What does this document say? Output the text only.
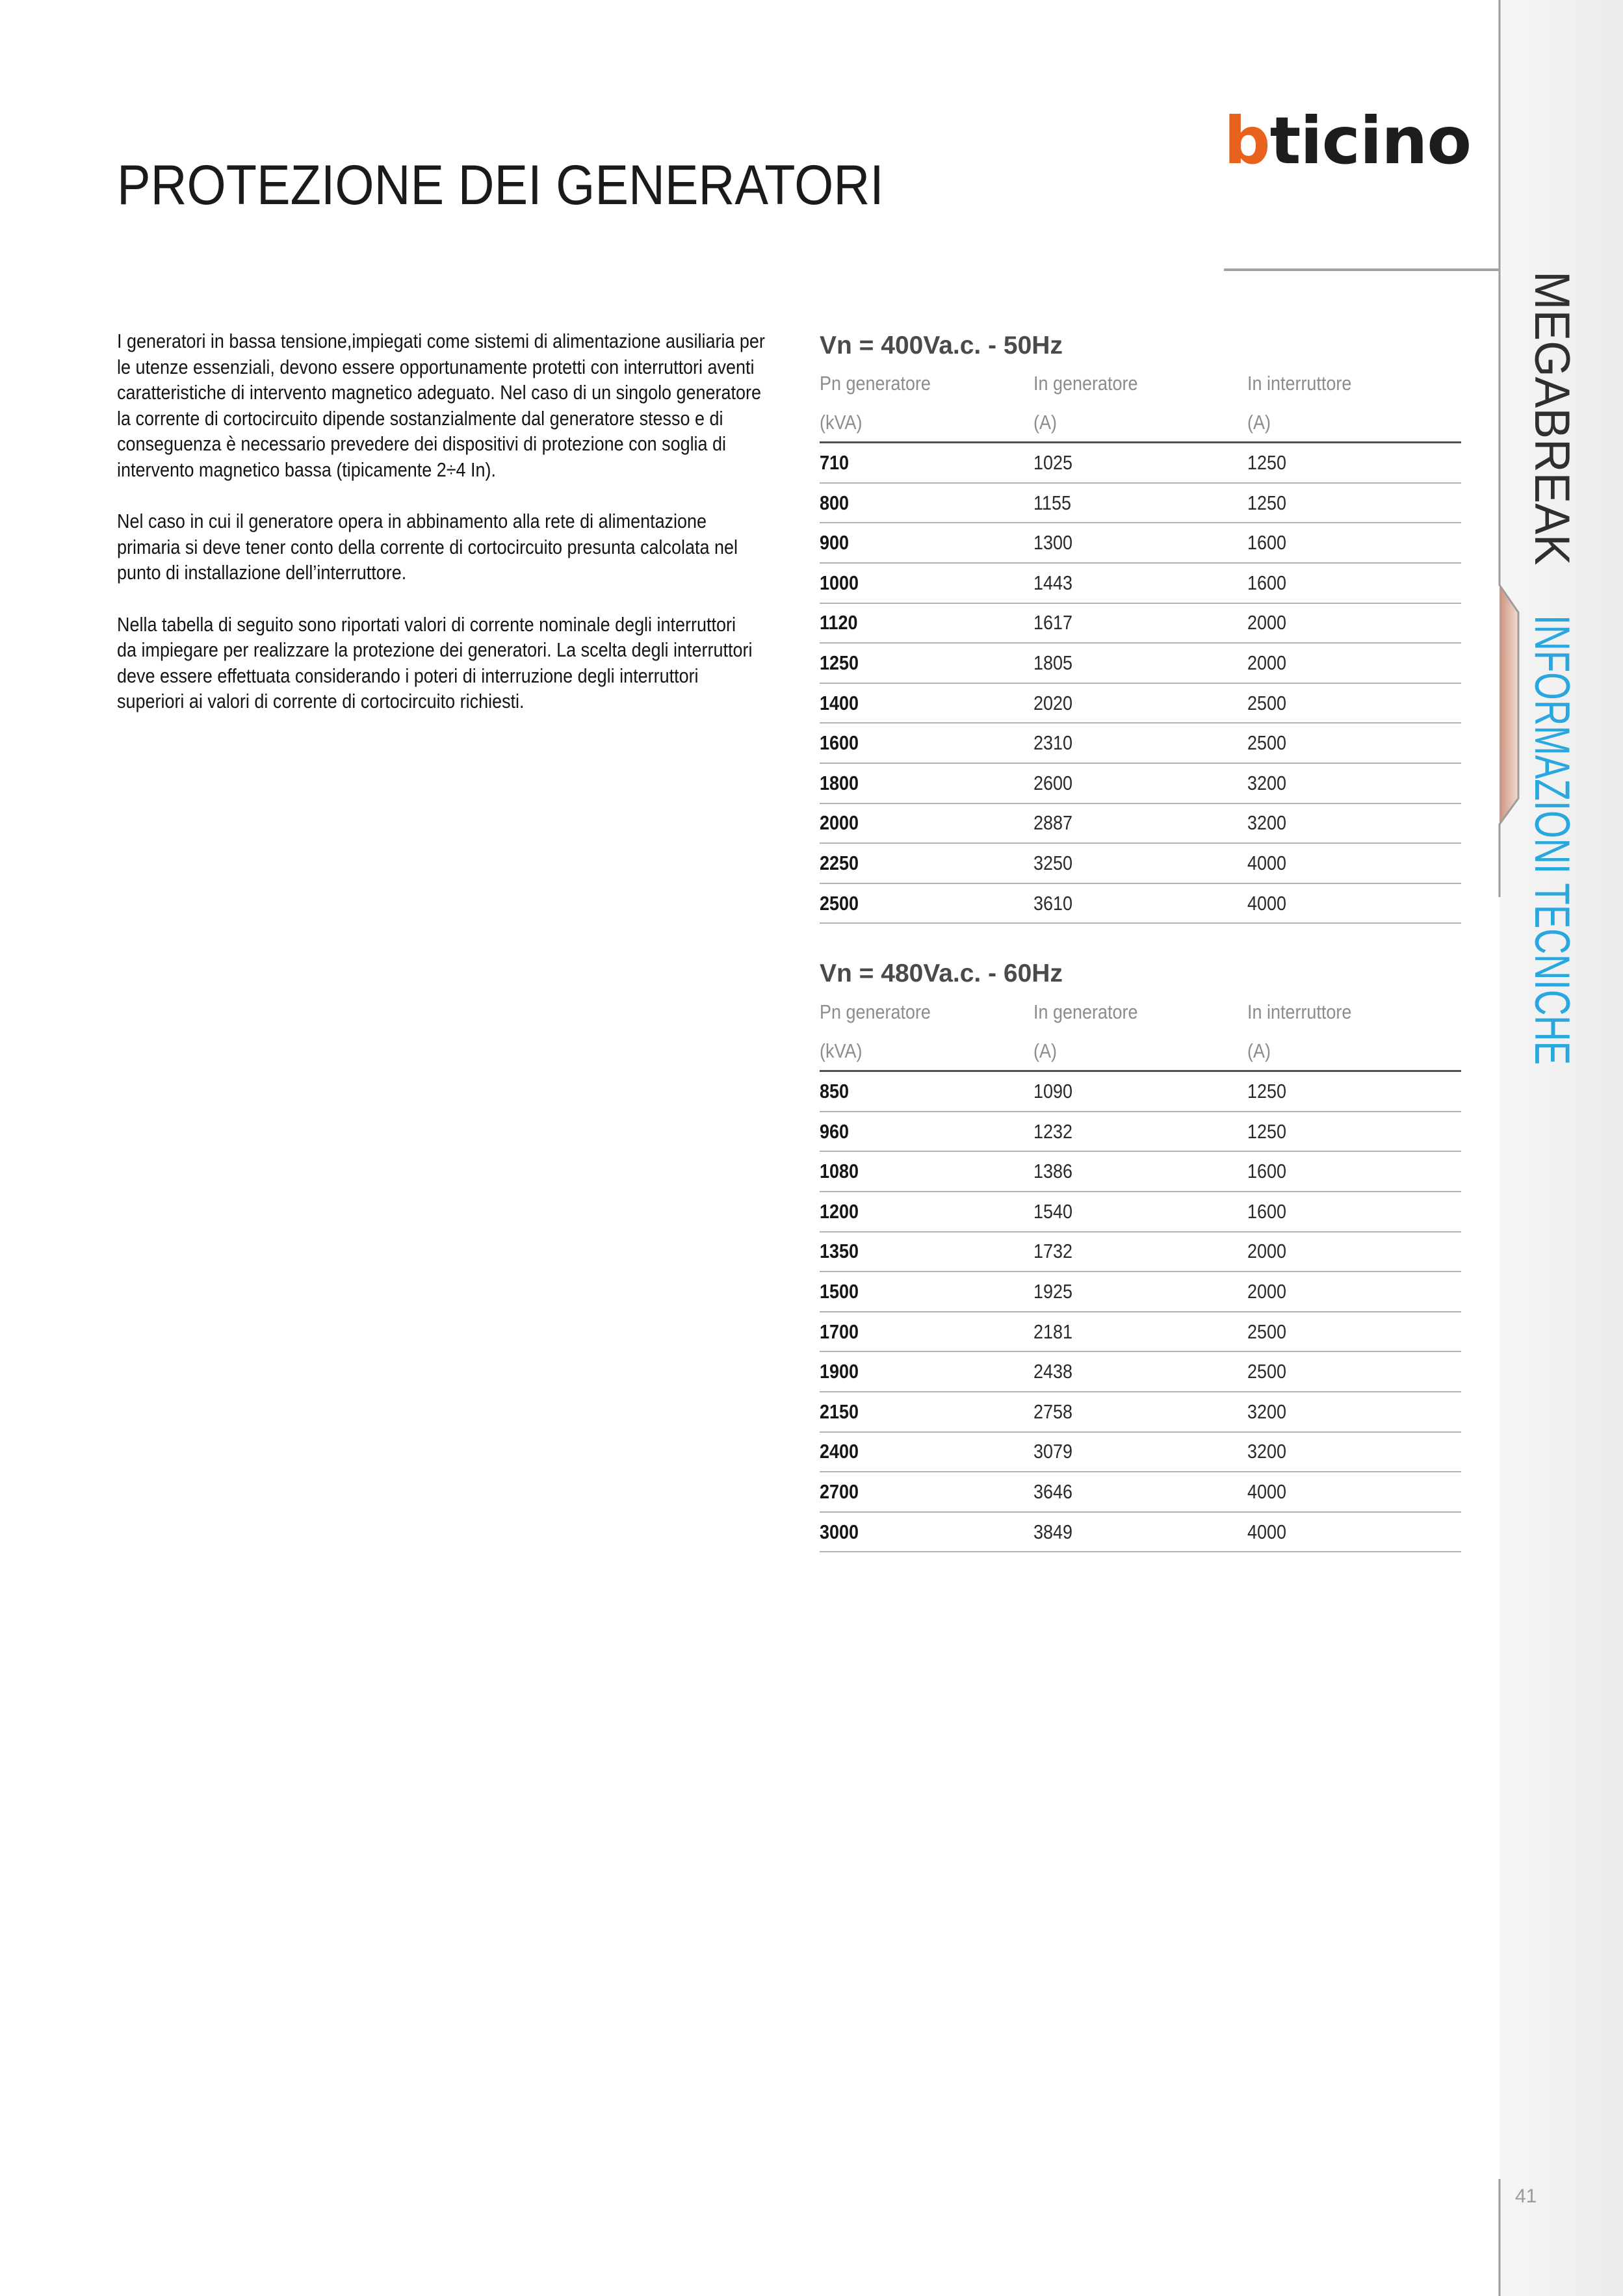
PROTEZIONE DEI GENERATORI
bticino
I generatori in bassa tensione,impiegati come sistemi di alimentazione ausiliaria per
le utenze essenziali, devono essere opportunamente protetti con interruttori aventi
caratteristiche di intervento magnetico adeguato. Nel caso di un singolo generatore
la corrente di cortocircuito dipende sostanzialmente dal generatore stesso e di
conseguenza è necessario prevedere dei dispositivi di protezione con soglia di
intervento magnetico bassa (tipicamente 2÷4 In).
Nel caso in cui il generatore opera in abbinamento alla rete di alimentazione
primaria si deve tener conto della corrente di cortocircuito presunta calcolata nel
punto di installazione dell’interruttore.
Nella tabella di seguito sono riportati valori di corrente nominale degli interruttori
da impiegare per realizzare la protezione dei generatori. La scelta degli interruttori
deve essere effettuata considerando i poteri di interruzione degli interruttori
superiori ai valori di corrente di cortocircuito richiesti.
Vn = 400Va.c. - 50Hz
Pn generatore	In generatore	In interruttore
(kVA)	(A)	(A)
710	1025	1250
800	1155	1250
900	1300	1600
1000	1443	1600
1120	1617	2000
1250	1805	2000
1400	2020	2500
1600	2310	2500
1800	2600	3200
2000	2887	3200
2250	3250	4000
2500	3610	4000
Vn = 480Va.c. - 60Hz
Pn generatore	In generatore	In interruttore
(kVA)	(A)	(A)
850	1090	1250
960	1232	1250
1080	1386	1600
1200	1540	1600
1350	1732	2000
1500	1925	2000
1700	2181	2500
1900	2438	2500
2150	2758	3200
2400	3079	3200
2700	3646	4000
3000	3849	4000
MEGABREAK
INFORMAZIONI TECNICHE
41
